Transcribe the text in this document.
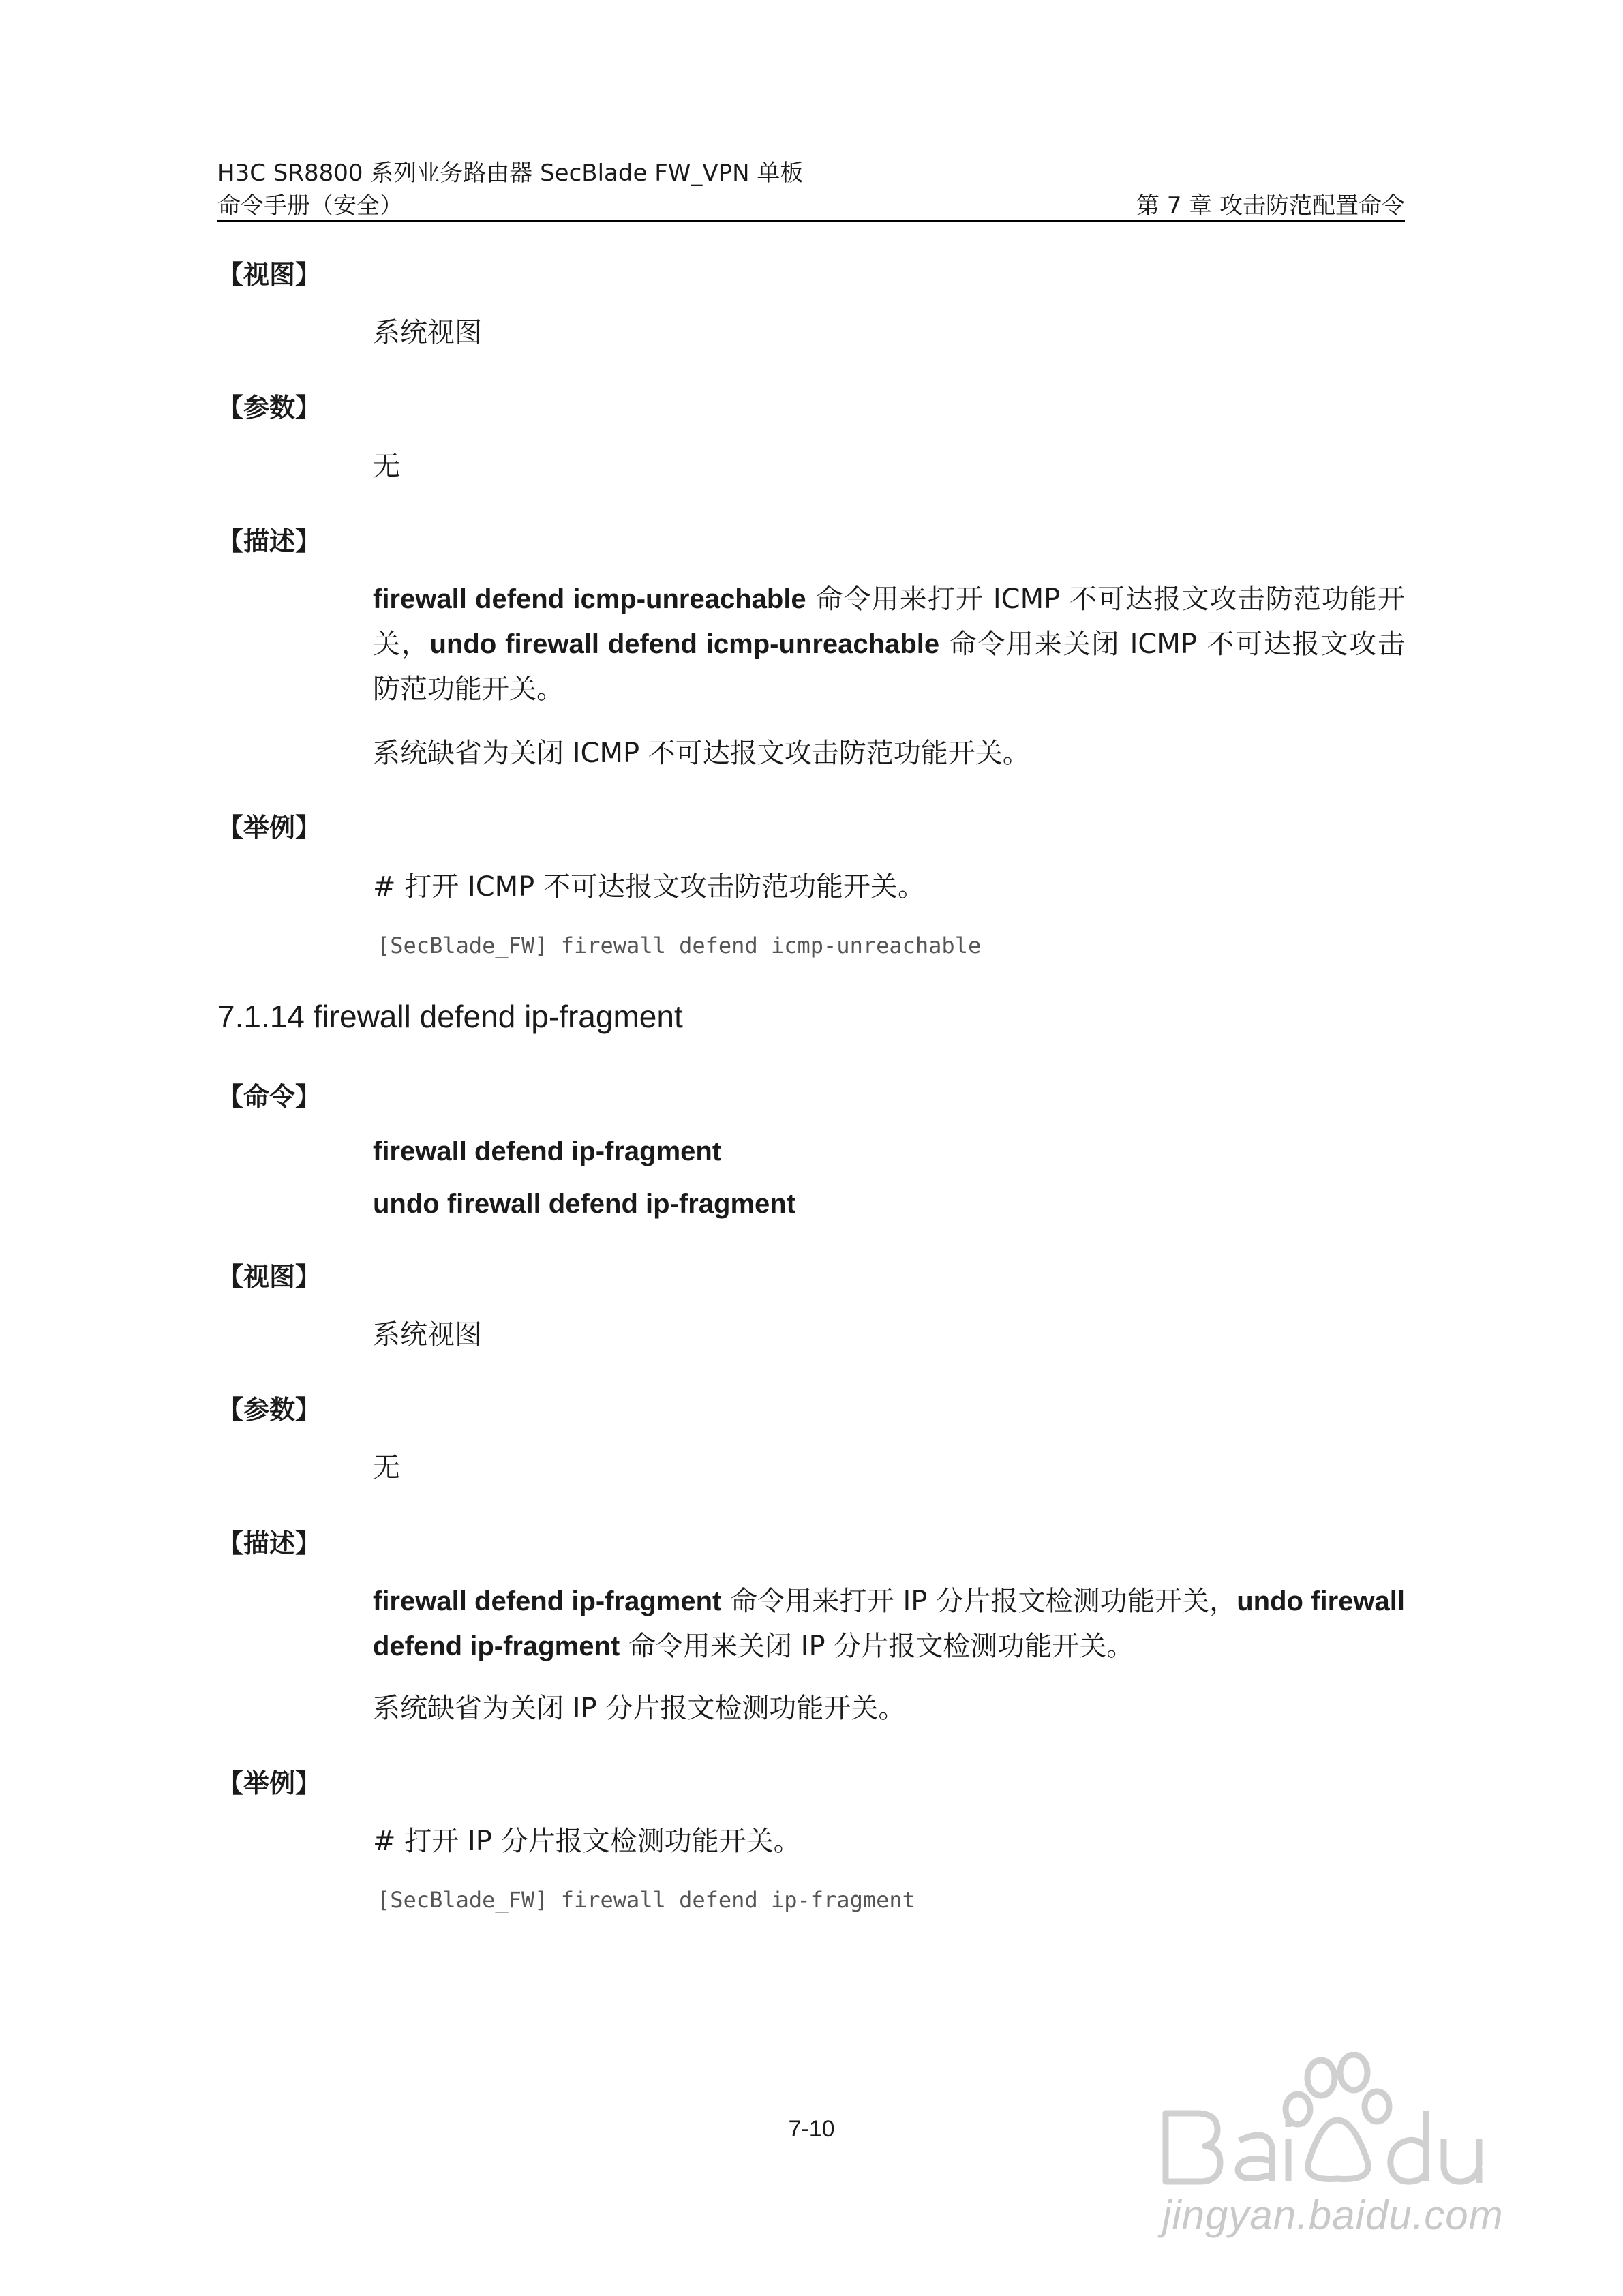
H3C SR8800 系列业务路由器 SecBlade FW_VPN 单板
命令手册（安全）	第 7 章 攻击防范配置命令
【视图】
系统视图
【参数】
无
【描述】
firewall defend icmp-unreachable 命令用来打开 ICMP 不可达报文攻击防范功能开关，undo firewall defend icmp-unreachable 命令用来关闭 ICMP 不可达报文攻击防范功能开关。
系统缺省为关闭 ICMP 不可达报文攻击防范功能开关。
【举例】
# 打开 ICMP 不可达报文攻击防范功能开关。
[SecBlade_FW] firewall defend icmp-unreachable
7.1.14 firewall defend ip-fragment
【命令】
firewall defend ip-fragment
undo firewall defend ip-fragment
【视图】
系统视图
【参数】
无
【描述】
firewall defend ip-fragment 命令用来打开 IP 分片报文检测功能开关，undo firewall defend ip-fragment 命令用来关闭 IP 分片报文检测功能开关。
系统缺省为关闭 IP 分片报文检测功能开关。
【举例】
# 打开 IP 分片报文检测功能开关。
[SecBlade_FW] firewall defend ip-fragment
7-10
jingyan.baidu.com
